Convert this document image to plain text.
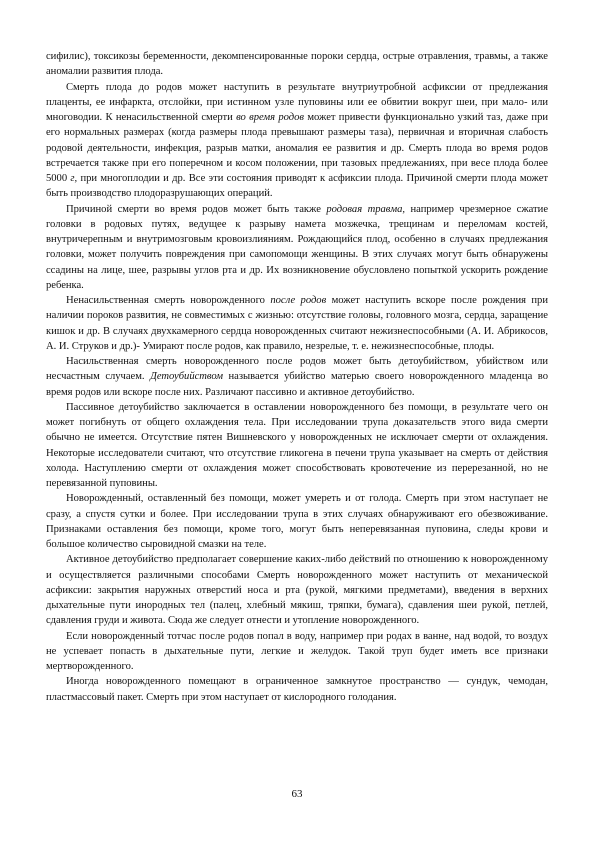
сифилис), токсикозы беременности, декомпенсированные пороки сердца, острые отравления, травмы, а также аномалии развития плода.

Смерть плода до родов может наступить в результате внутриутробной асфиксии от предлежания плаценты, ее инфаркта, отслойки, при истинном узле пуповины или ее обвитии вокруг шеи, при мало- или многоводии. К ненасильственной смерти во время родов может привести функционально узкий таз, даже при его нормальных размерах (когда размеры плода превышают размеры таза), первичная и вторичная слабость родовой деятельности, инфекция, разрыв матки, аномалия ее развития и др. Смерть плода во время родов встречается также при его поперечном и косом положении, при тазовых предлежаниях, при весе плода более 5000 г, при многоплодии и др. Все эти состояния приводят к асфиксии плода. Причиной смерти плода может быть производство плодоразрушающих операций.

Причиной смерти во время родов может быть также родовая травма, например чрезмерное сжатие головки в родовых путях, ведущее к разрыву намета мозжечка, трещинам и переломам костей, внутричерепным и внутримозговым кровоизлияниям. Рождающийся плод, особенно в случаях предлежания головки, может получить повреждения при самопомощи женщины. В этих случаях могут быть обнаружены ссадины на лице, шее, разрывы углов рта и др. Их возникновение обусловлено попыткой ускорить рождение ребенка.

Ненасильственная смерть новорожденного после родов может наступить вскоре после рождения при наличии пороков развития, не совместимых с жизнью: отсутствие головы, головного мозга, сердца, заращение кишок и др. В случаях двухкамерного сердца новорожденных считают нежизнеспособными (А. И. Абрикосов, А. И. Струков и др.)- Умирают после родов, как правило, незрелые, т. е. нежизнеспособные, плоды.

Насильственная смерть новорожденного после родов может быть детоубийством, убийством или несчастным случаем. Детоубийством называется убийство матерью своего новорожденного младенца во время родов или вскоре после них. Различают пассивно и активное детоубийство.

Пассивное детоубийство заключается в оставлении новорожденного без помощи, в результате чего он может погибнуть от общего охлаждения тела. При исследовании трупа доказательств этого вида смерти обычно не имеется. Отсутствие пятен Вишневского у новорожденных не исключает смерти от охлаждения. Некоторые исследователи считают, что отсутствие гликогена в печени трупа указывает на смерть от действия холода. Наступлению смерти от охлаждения может способствовать кровотечение из перерезанной, но не перевязанной пуповины.

Новорожденный, оставленный без помощи, может умереть и от голода. Смерть при этом наступает не сразу, а спустя сутки и более. При исследовании трупа в этих случаях обнаруживают его обезвоживание. Признаками оставления без помощи, кроме того, могут быть неперевязанная пуповина, следы крови и большое количество сыровидной смазки на теле.

Активное детоубийство предполагает совершение каких-либо действий по отношению к новорожденному и осуществляется различными способами Смерть новорожденного может наступить от механической асфиксии: закрытия наружных отверстий носа и рта (рукой, мягкими предметами), введения в верхних дыхательные пути инородных тел (палец, хлебный мякиш, тряпки, бумага), сдавления шеи рукой, петлей, сдавления груди и живота. Сюда же следует отнести и утопление новорожденного.

Если новорожденный тотчас после родов попал в воду, например при родах в ванне, над водой, то воздух не успевает попасть в дыхательные пути, легкие и желудок. Такой труп будет иметь все признаки мертворожденного.

Иногда новорожденного помещают в ограниченное замкнутое пространство — сундук, чемодан, пластмассовый пакет. Смерть при этом наступает от кислородного голодания.

63
